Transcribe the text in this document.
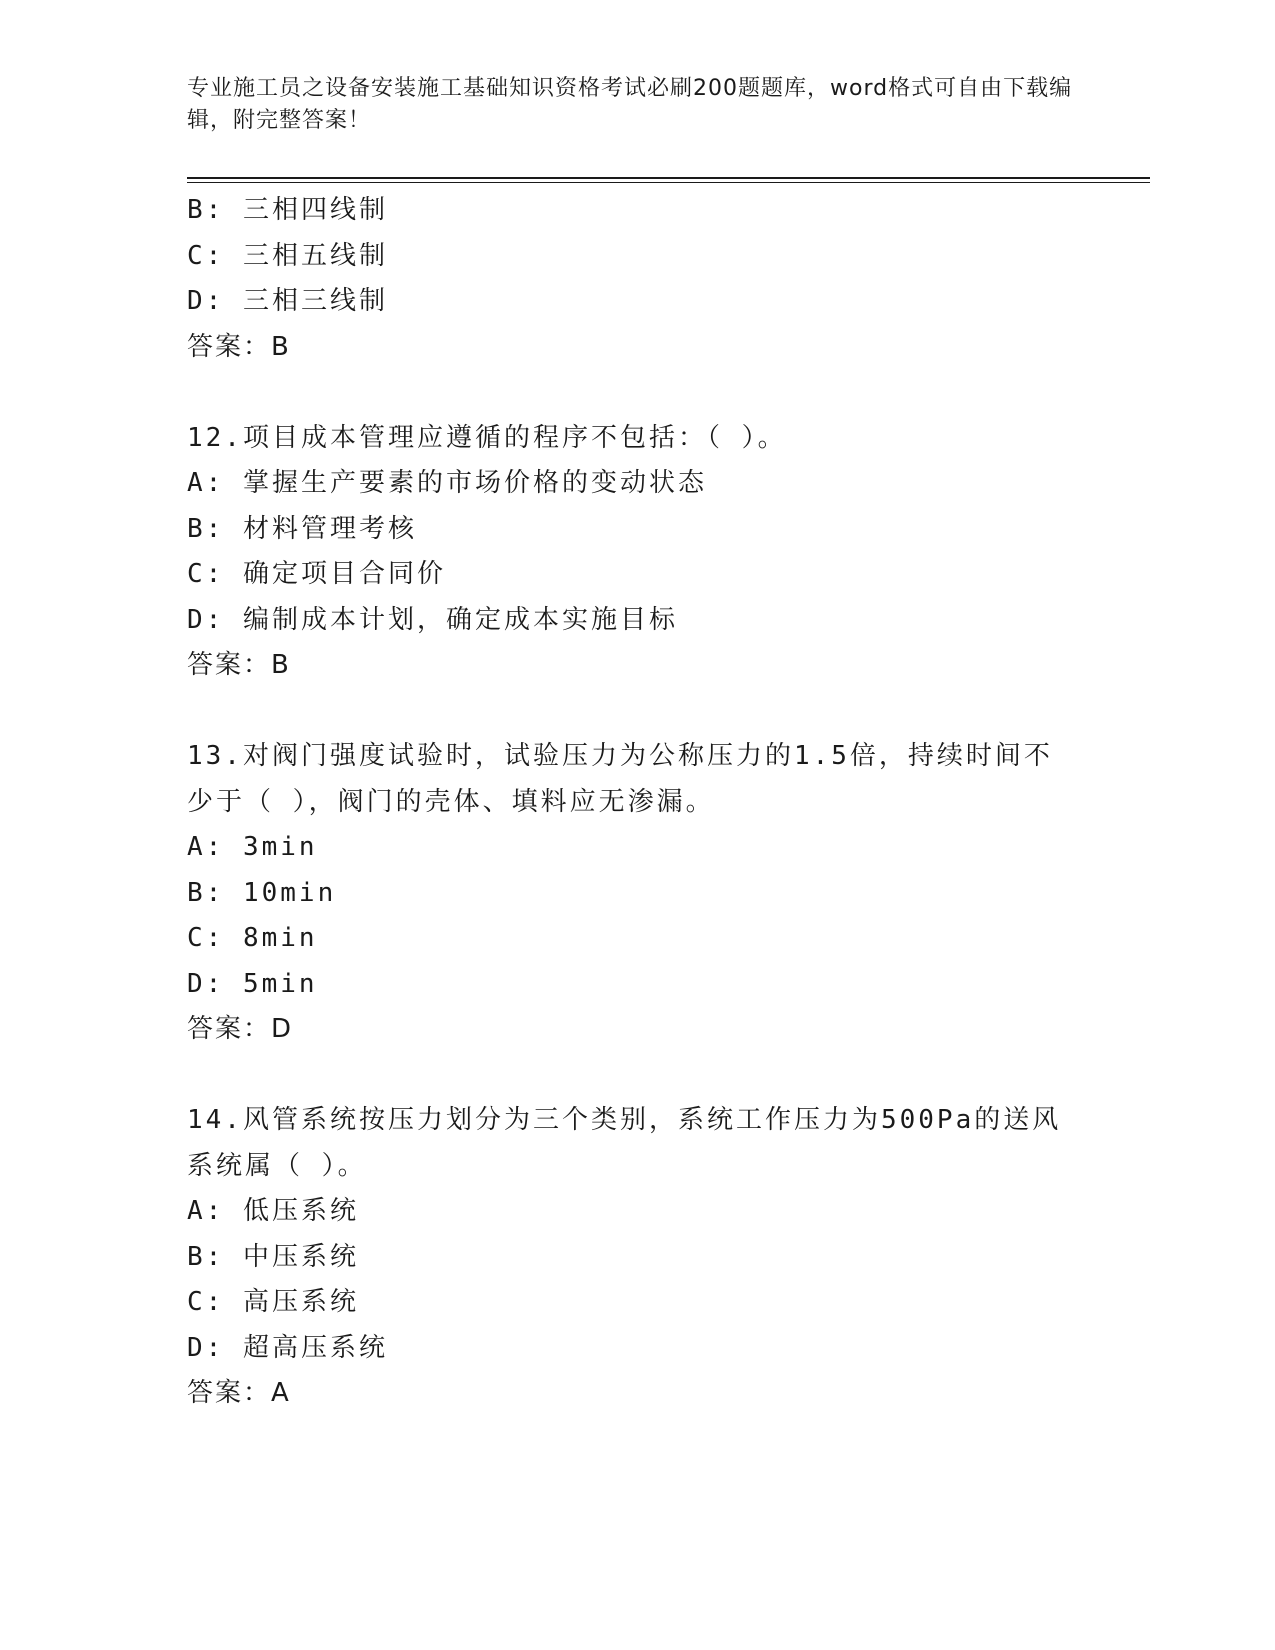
专业施工员之设备安装施工基础知识资格考试必刷200题题库，word格式可自由下载编辑，附完整答案！
B: 三相四线制
C: 三相五线制
D: 三相三线制
答案：B
12.项目成本管理应遵循的程序不包括：（ ）。
A: 掌握生产要素的市场价格的变动状态
B: 材料管理考核
C: 确定项目合同价
D: 编制成本计划，确定成本实施目标
答案：B
13.对阀门强度试验时，试验压力为公称压力的1.5倍，持续时间不少于（ ），阀门的壳体、填料应无渗漏。
A: 3min
B: 10min
C: 8min
D: 5min
答案：D
14.风管系统按压力划分为三个类别，系统工作压力为500Pa的送风系统属（ ）。
A: 低压系统
B: 中压系统
C: 高压系统
D: 超高压系统
答案：A
